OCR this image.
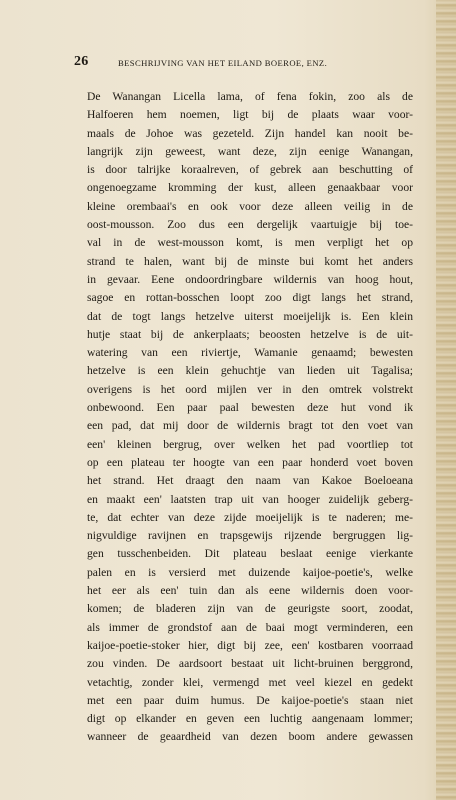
26	BESCHRIJVING VAN HET EILAND BOEROE, ENZ.
De Wanangan Licella lama, of fena fokin, zoo als de
Halfoeren hem noemen, ligt bij de plaats waar voor-
maals de Johoe was gezeteld. Zijn handel kan nooit be-
langrijk zijn geweest, want deze, zijn eenige Wanangan,
is door talrijke koraalreven, of gebrek aan beschutting of
ongenoegzame kromming der kust, alleen genaakbaar voor
kleine orembaai's en ook voor deze alleen veilig in de
oost-mousson. Zoo dus een dergelijk vaartuigje bij toe-
val in de west-mousson komt, is men verpligt het op
strand te halen, want bij de minste bui komt het anders
in gevaar. Eene ondoordringbare wildernis van hoog hout,
sagoe en rottan-bosschen loopt zoo digt langs het strand,
dat de togt langs hetzelve uiterst moeijelijk is. Een klein
hutje staat bij de ankerplaats; beoosten hetzelve is de uit-
watering van een riviertje, Wamanie genaamd; bewesten
hetzelve is een klein gehuchtje van lieden uit Tagalisa;
overigens is het oord mijlen ver in den omtrek volstrekt
onbewoond. Een paar paal bewesten deze hut vond ik
een pad, dat mij door de wildernis bragt tot den voet van
een' kleinen bergrug, over welken het pad voortliep tot
op een plateau ter hoogte van een paar honderd voet boven
het strand. Het draagt den naam van Kakoe Boeloeana
en maakt een' laatsten trap uit van hooger zuidelijk geberg-
te, dat echter van deze zijde moeijelijk is te naderen; me-
nigvuldige ravijnen en trapsgewijs rijzende bergruggen lig-
gen tusschenbeiden. Dit plateau beslaat eenige vierkante
palen en is versierd met duizende kaijoe-poetie's, welke
het eer als een' tuin dan als eene wildernis doen voor-
komen; de bladeren zijn van de geurigste soort, zoodat,
als immer de grondstof aan de baai mogt verminderen, een
kaijoe-poetie-stoker hier, digt bij zee, een' kostbaren voorraad
zou vinden. De aardsoort bestaat uit licht-bruinen berggrond,
vetachtig, zonder klei, vermengd met veel kiezel en gedekt
met een paar duim humus. De kaijoe-poetie's staan niet
digt op elkander en geven een luchtig aangenaam lommer;
wanneer de geaardheid van dezen boom andere gewassen
